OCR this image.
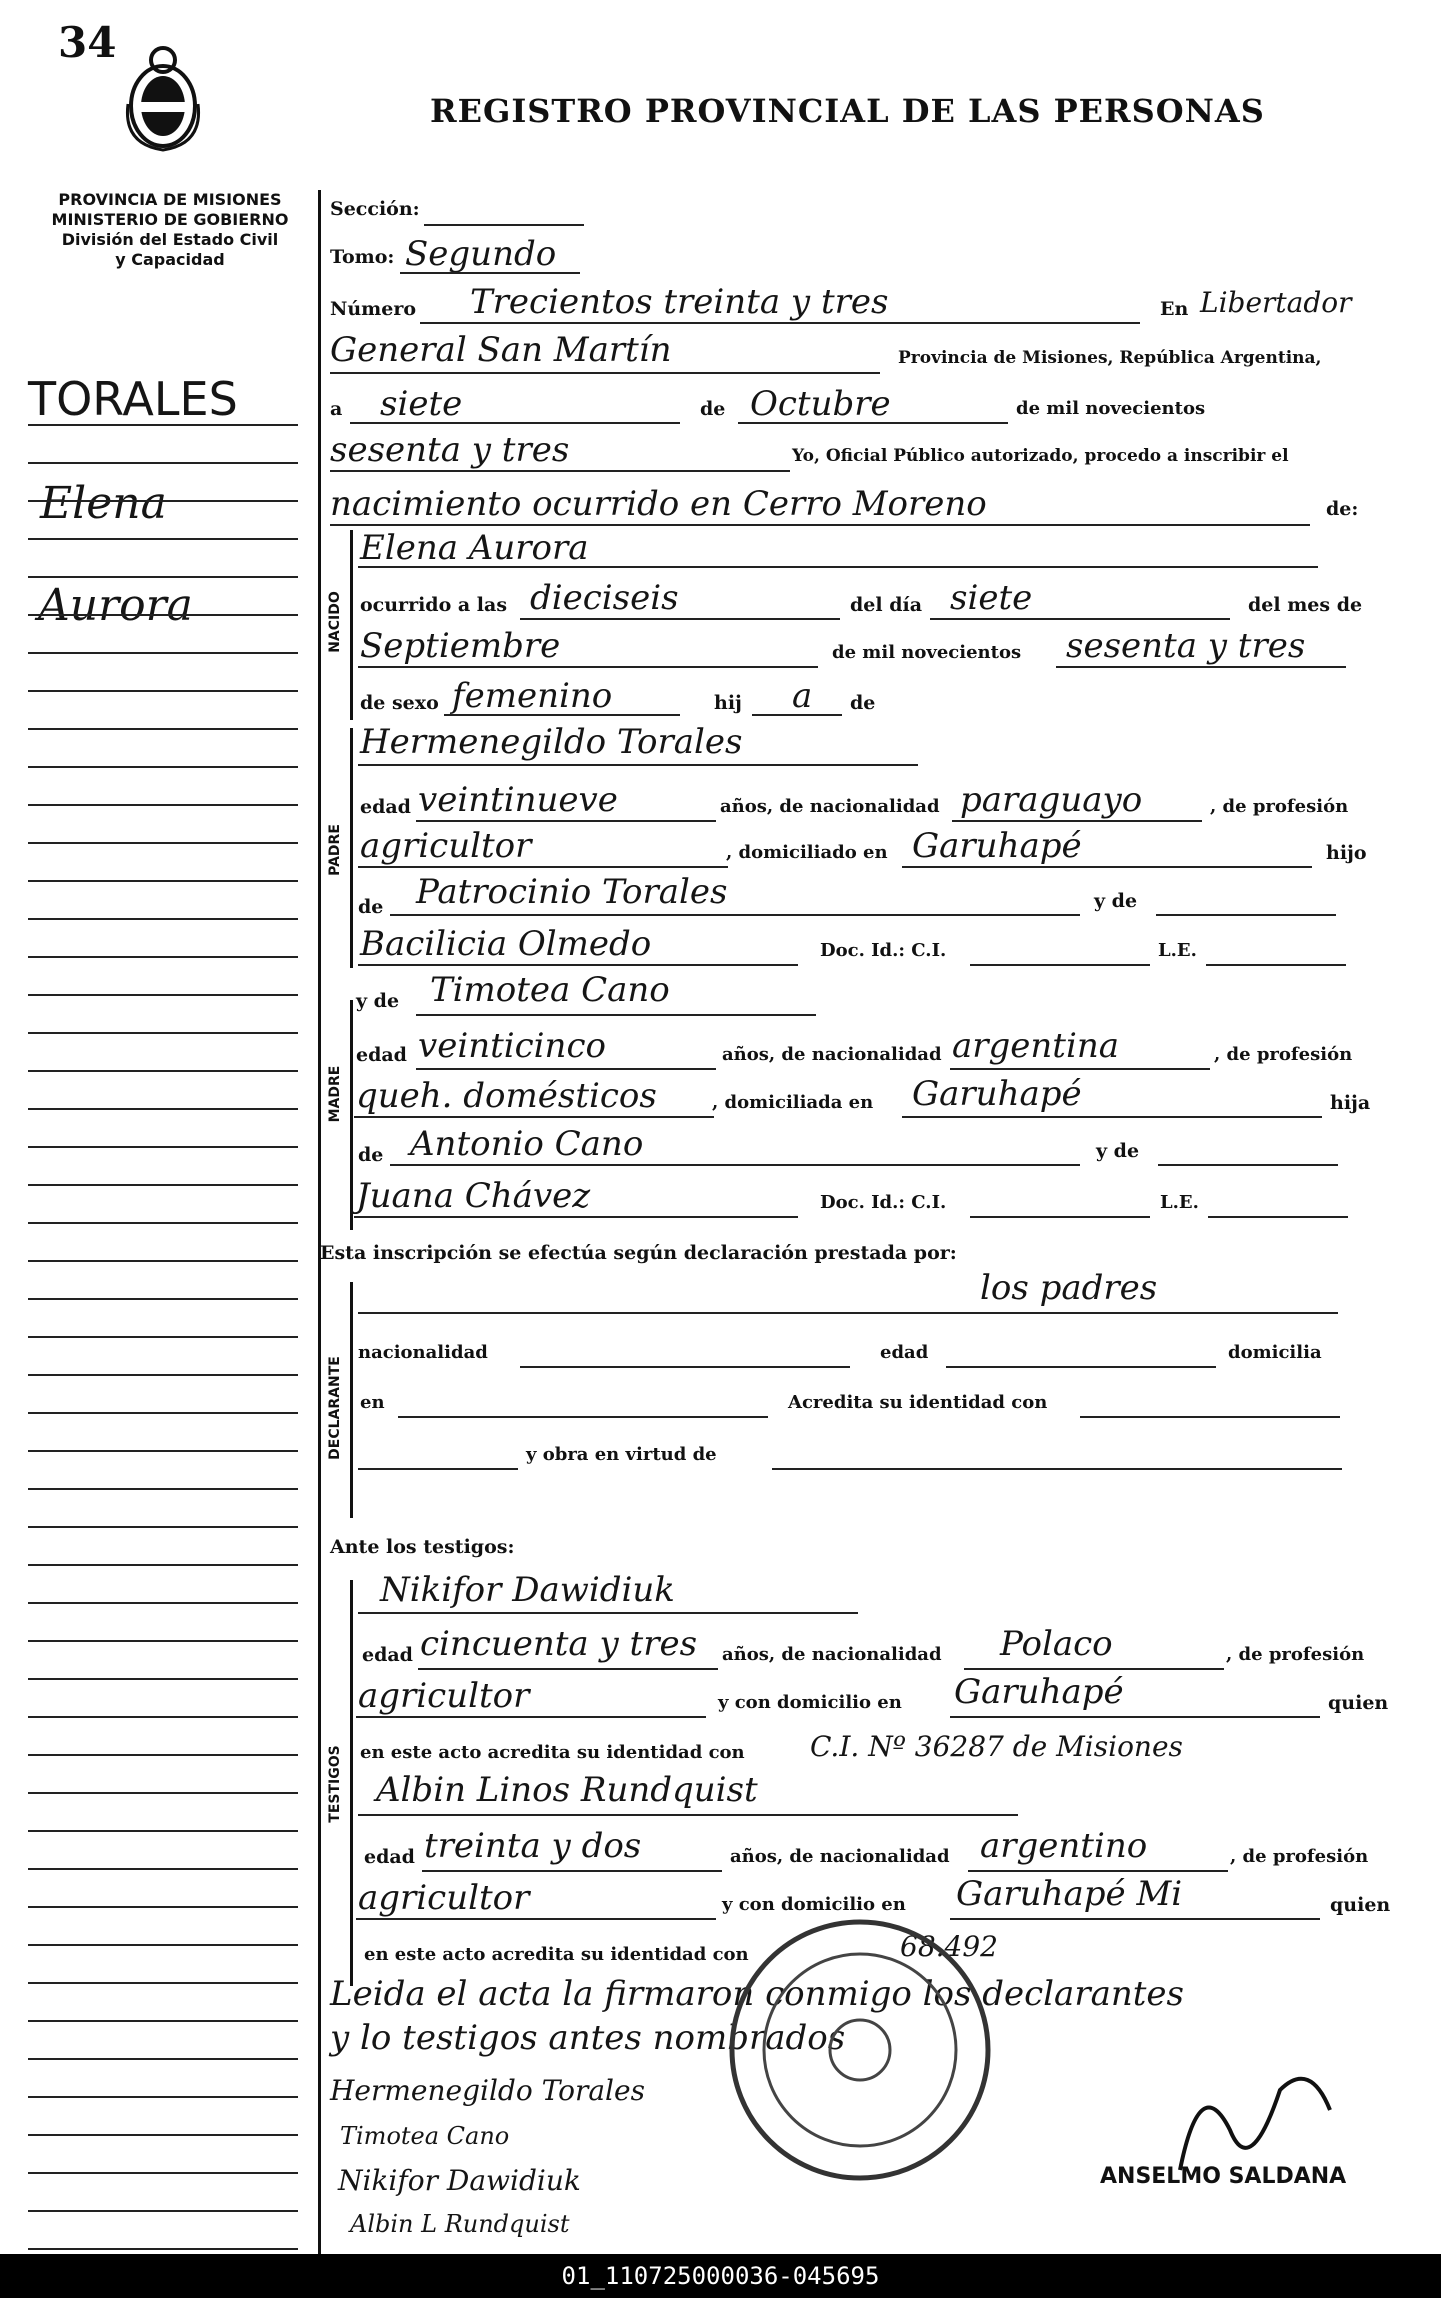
34
REGISTRO PROVINCIAL DE LAS PERSONAS
PROVINCIA DE MISIONES
MINISTERIO DE GOBIERNO
División del Estado Civil
y Capacidad
TORALES
Elena
Aurora	NACIDO
PADRE
MADRE
DECLARANTE
TESTIGOS
Sección:
Tomo: Segundo
Número Trecientos treinta y tres	En Libertador
General San Martín	Provincia de Misiones, República Argentina,
a siete	de Octubre	de mil novecientos
sesenta y tres	Yo, Oficial Público autorizado, procedo a inscribir el
nacimiento ocurrido en Cerro Moreno	de:
Elena Aurora
ocurrido a las dieciseis	del día siete	del mes de
Septiembre	de mil novecientos sesenta y tres
de sexo femenino	hij a de
Hermenegildo Torales
edad veintinueve	años, de nacionalidad paraguayo	, de profesión
agricultor	, domiciliado en Garuhapé	hijo
de Patrocinio Torales	y de
Bacilicia Olmedo	Doc. Id.: C.I.	L.E.
y de Timotea Cano
edad veinticinco	años, de nacionalidad argentina	, de profesión
queh. domésticos	, domiciliada en Garuhapé	hija
de Antonio Cano	y de
Juana Chávez	Doc. Id.: C.I.	L.E.
Esta inscripción se efectúa según declaración prestada por:
los padres
nacionalidad	edad	domicilia
en	Acredita su identidad con
y obra en virtud de
Ante los testigos:
Nikifor Dawidiuk
edad cincuenta y tres años, de nacionalidad Polaco	, de profesión
agricultor	y con domicilio en Garuhapé	quien
en este acto acredita su identidad con C.I. Nº 36287 de Misiones
Albin Linos Rundquist
edad treinta y dos	años, de nacionalidad argentino	, de profesión
agricultor	y con domicilio en Garuhapé Mi	quien
en este acto acredita su identidad con	68.492
Leida el acta la firmaron conmigo los declarantes
y lo testigos antes nombrados
Hermenegildo Torales
Timotea Cano
Nikifor Dawidiuk
Albin L Rundquist
ANSELMO SALDANA
01_110725000036-045695
